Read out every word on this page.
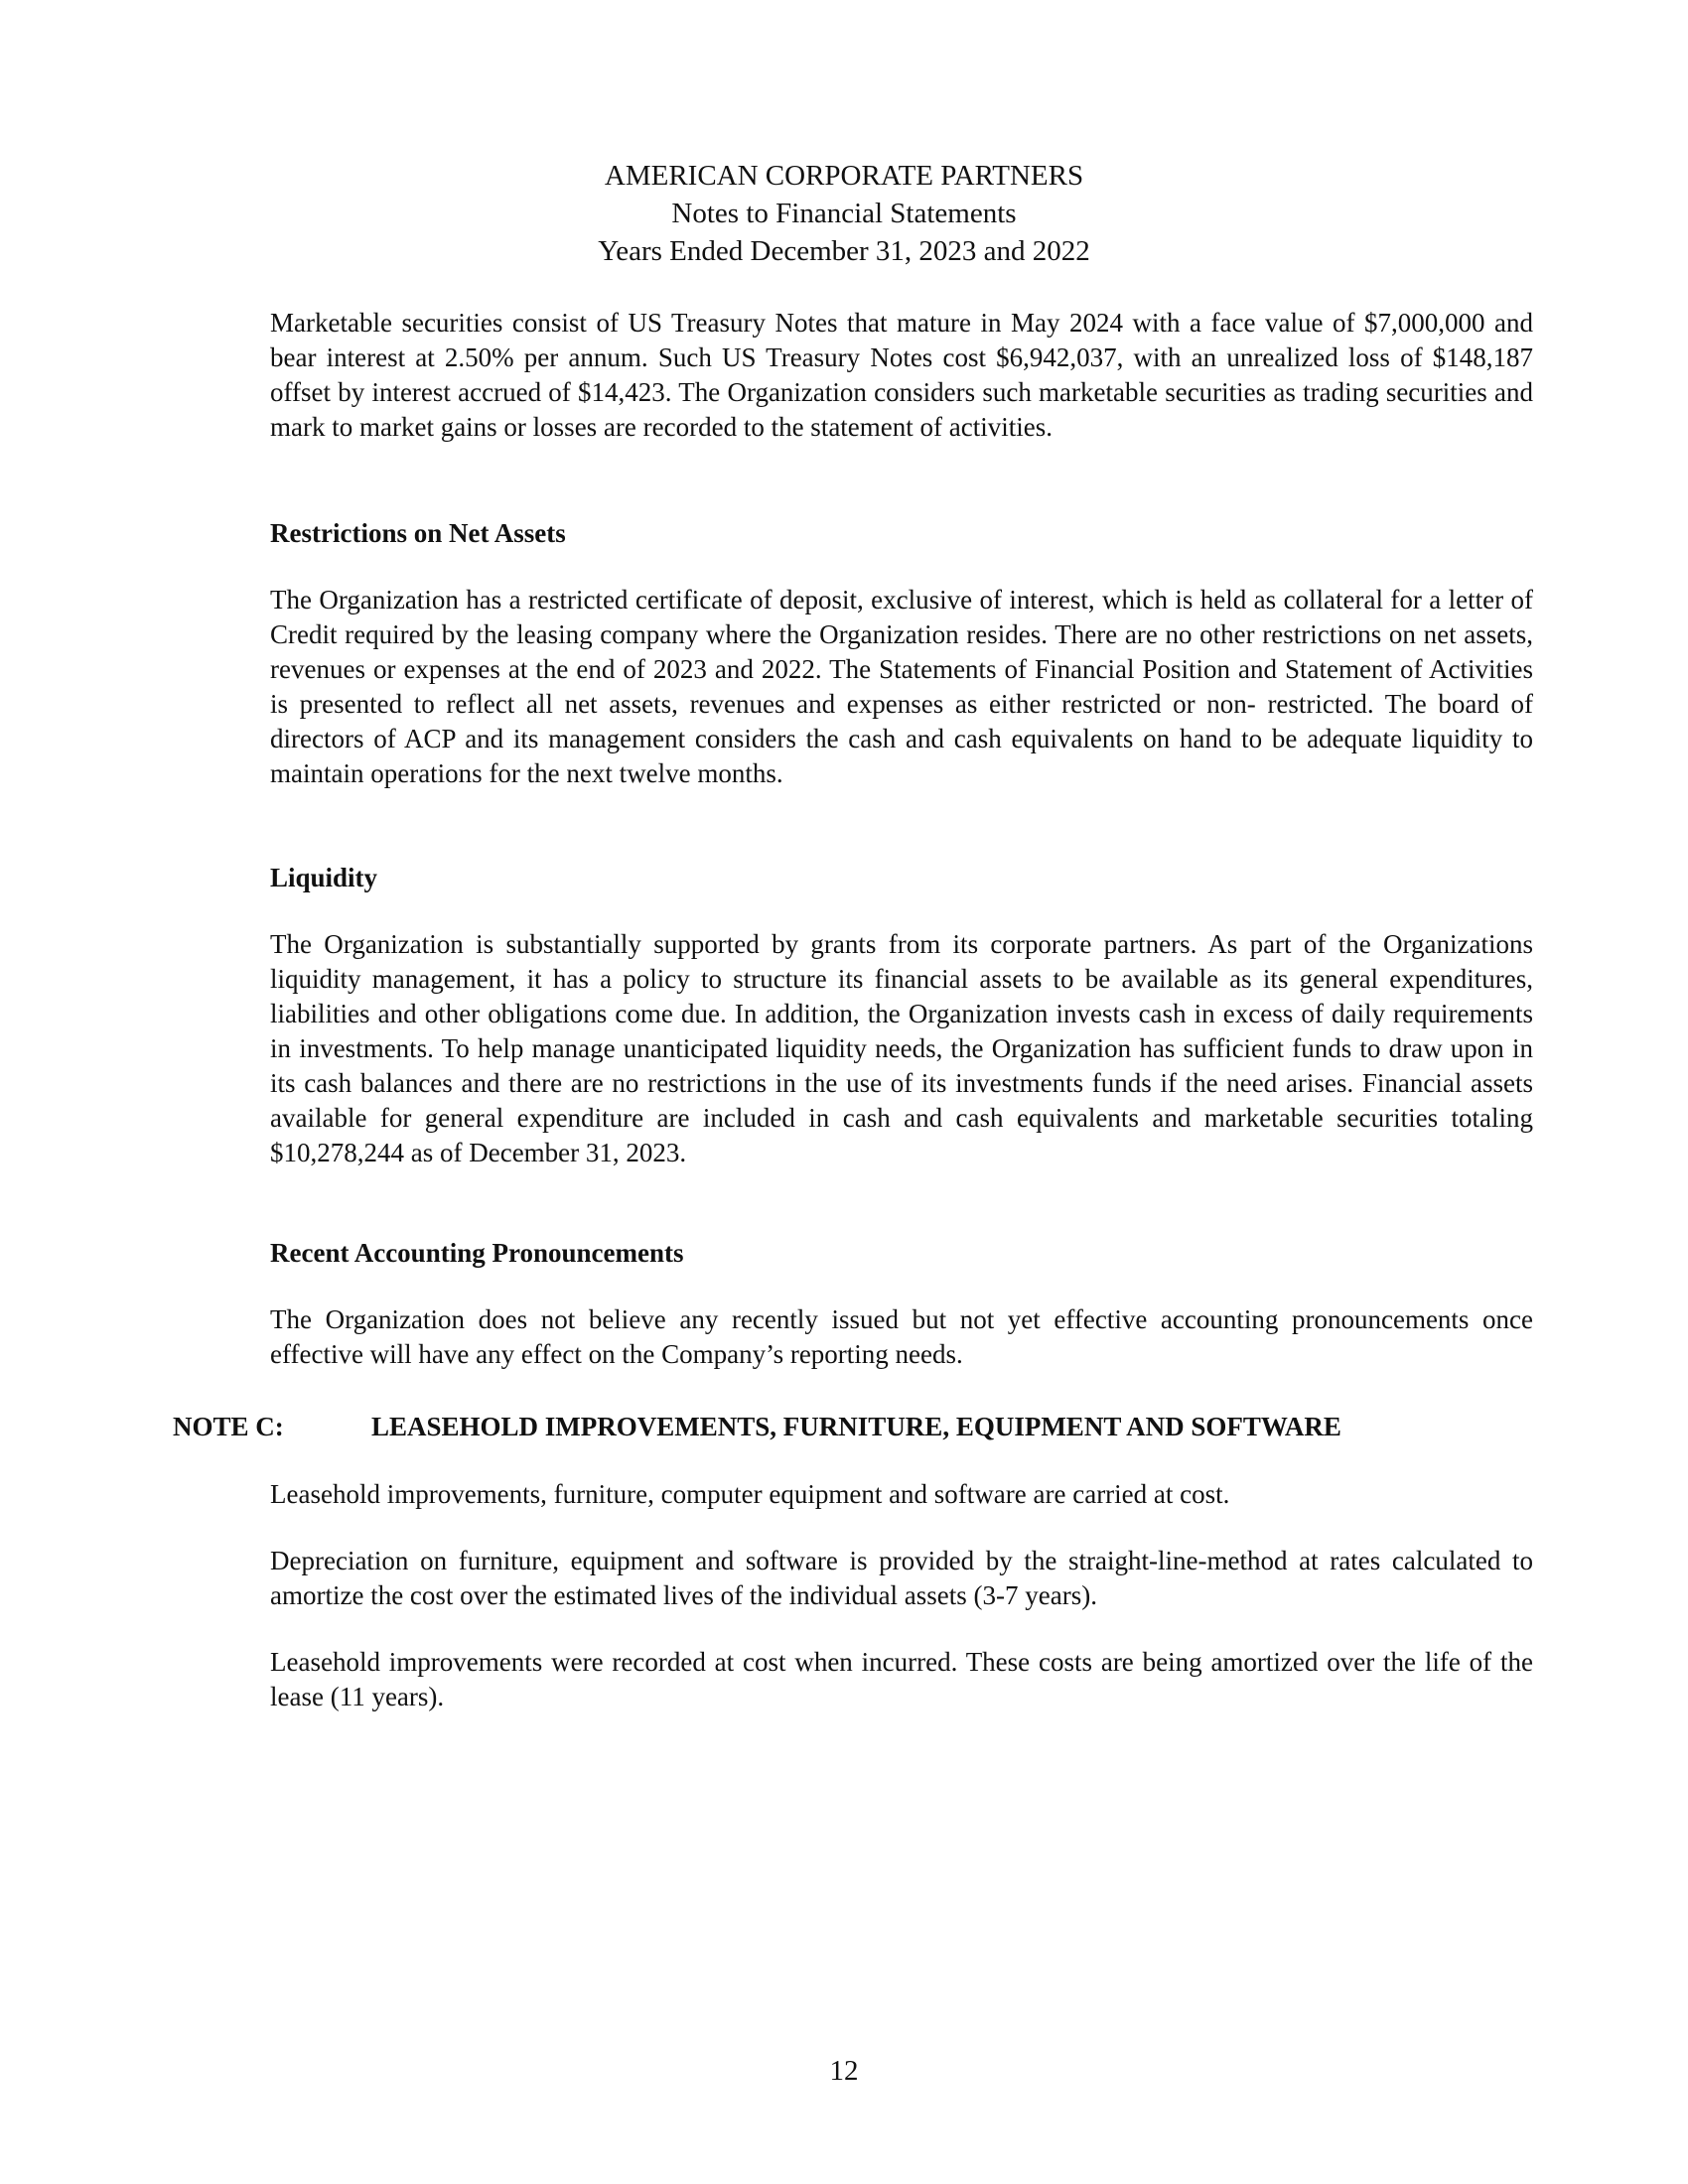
AMERICAN CORPORATE PARTNERS
Notes to Financial Statements
Years Ended December 31, 2023 and 2022

Marketable securities consist of US Treasury Notes that mature in May 2024 with a face value of $7,000,000 and bear interest at 2.50% per annum. Such US Treasury Notes cost $6,942,037, with an unrealized loss of $148,187 offset by interest accrued of $14,423. The Organization considers such marketable securities as trading securities and mark to market gains or losses are recorded to the statement of activities.

Restrictions on Net Assets

The Organization has a restricted certificate of deposit, exclusive of interest, which is held as collateral for a letter of Credit required by the leasing company where the Organization resides. There are no other restrictions on net assets, revenues or expenses at the end of 2023 and 2022. The Statements of Financial Position and Statement of Activities is presented to reflect all net assets, revenues and expenses as either restricted or non- restricted. The board of directors of ACP and its management considers the cash and cash equivalents on hand to be adequate liquidity to maintain operations for the next twelve months.

Liquidity

The Organization is substantially supported by grants from its corporate partners. As part of the Organizations liquidity management, it has a policy to structure its financial assets to be available as its general expenditures, liabilities and other obligations come due. In addition, the Organization invests cash in excess of daily requirements in investments. To help manage unanticipated liquidity needs, the Organization has sufficient funds to draw upon in its cash balances and there are no restrictions in the use of its investments funds if the need arises. Financial assets available for general expenditure are included in cash and cash equivalents and marketable securities totaling $10,278,244 as of December 31, 2023.

Recent Accounting Pronouncements

The Organization does not believe any recently issued but not yet effective accounting pronouncements once effective will have any effect on the Company’s reporting needs.

NOTE C:	LEASEHOLD IMPROVEMENTS, FURNITURE, EQUIPMENT AND SOFTWARE

Leasehold improvements, furniture, computer equipment and software are carried at cost.

Depreciation on furniture, equipment and software is provided by the straight-line-method at rates calculated to amortize the cost over the estimated lives of the individual assets (3-7 years).

Leasehold improvements were recorded at cost when incurred. These costs are being amortized over the life of the lease (11 years).

12
